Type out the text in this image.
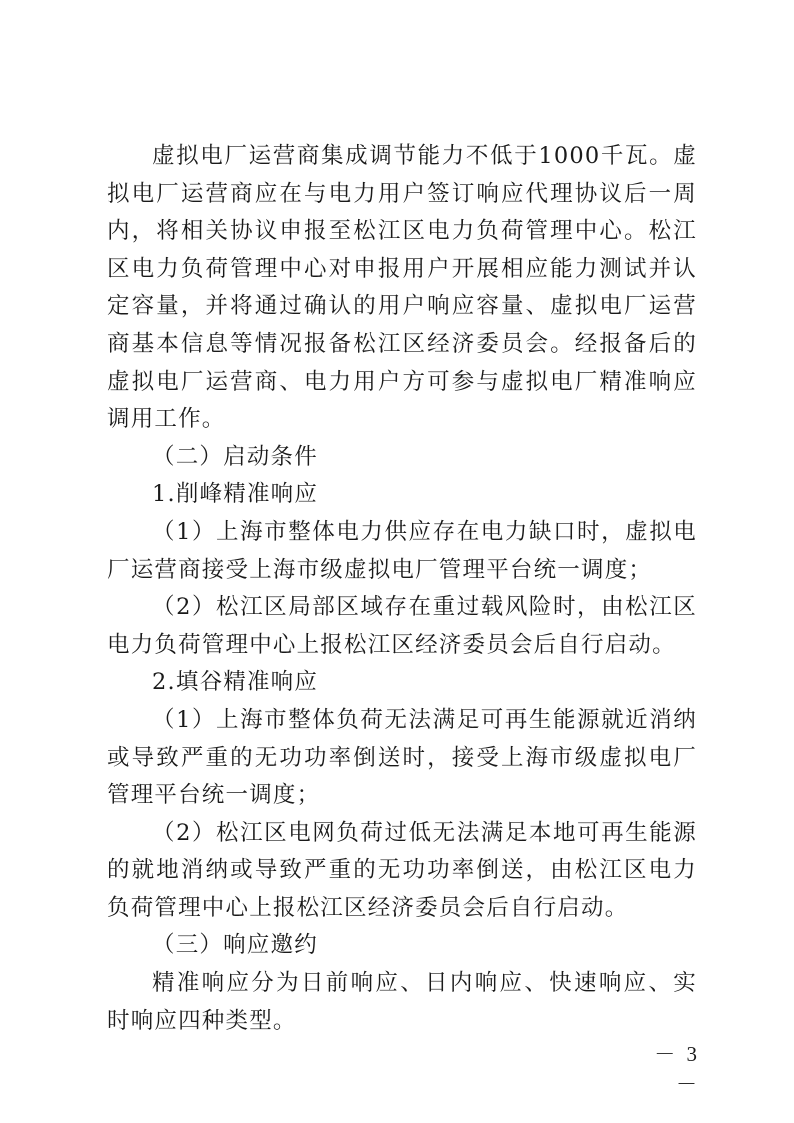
虚拟电厂运营商集成调节能力不低于1000千瓦。虚拟电厂运营商应在与电力用户签订响应代理协议后一周内，将相关协议申报至松江区电力负荷管理中心。松江区电力负荷管理中心对申报用户开展相应能力测试并认定容量，并将通过确认的用户响应容量、虚拟电厂运营商基本信息等情况报备松江区经济委员会。经报备后的虚拟电厂运营商、电力用户方可参与虚拟电厂精准响应调用工作。

（二）启动条件

1.削峰精准响应

（1）上海市整体电力供应存在电力缺口时，虚拟电厂运营商接受上海市级虚拟电厂管理平台统一调度；

（2）松江区局部区域存在重过载风险时，由松江区电力负荷管理中心上报松江区经济委员会后自行启动。

2.填谷精准响应

（1）上海市整体负荷无法满足可再生能源就近消纳或导致严重的无功功率倒送时，接受上海市级虚拟电厂管理平台统一调度；

（2）松江区电网负荷过低无法满足本地可再生能源的就地消纳或导致严重的无功功率倒送，由松江区电力负荷管理中心上报松江区经济委员会后自行启动。

（三）响应邀约

精准响应分为日前响应、日内响应、快速响应、实时响应四种类型。

－ 3 －
